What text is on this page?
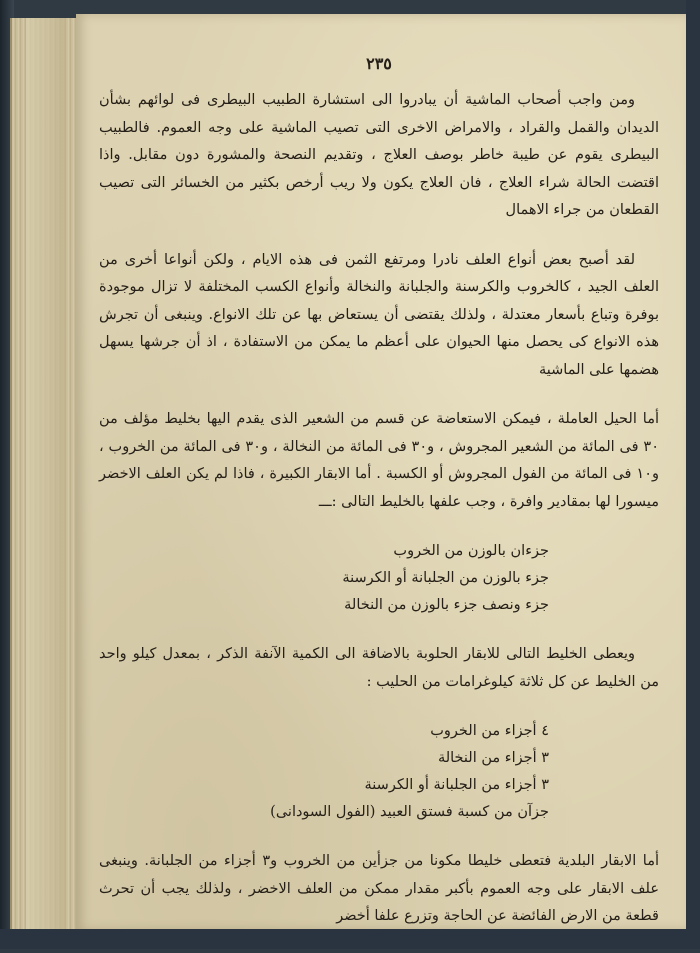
٢٣٥

ومن واجب أصحاب الماشية أن يبادروا الى استشارة الطبيب البيطرى فى لوائهم بشأن الديدان والقمل والقراد ، والامراض الاخرى التى تصيب الماشية على وجه العموم. فالطبيب البيطرى يقوم عن طيبة خاطر بوصف العلاج ، وتقديم النصحة والمشورة دون مقابل. واذا اقتضت الحالة شراء العلاج ، فان العلاج يكون ولا ريب أرخص بكثير من الخسائر التى تصيب القطعان من جراء الاهمال

لقد أصبح بعض أنواع العلف نادرا ومرتفع الثمن فى هذه الايام ، ولكن أنواعا أخرى من العلف الجيد ، كالخروب والكرسنة والجلبانة والنخالة وأنواع الكسب المختلفة لا تزال موجودة بوفرة وتباع بأسعار معتدلة ، ولذلك يقتضى أن يستعاض بها عن تلك الانواع. وينبغى أن تجرش هذه الانواع كى يحصل منها الحيوان على أعظم ما يمكن من الاستفادة ، اذ أن جرشها يسهل هضمها على الماشية

أما الحيل العاملة ، فيمكن الاستعاضة عن قسم من الشعير الذى يقدم اليها بخليط مؤلف من ٣٠ فى المائة من الشعير المجروش ، و٣٠ فى المائة من النخالة ، و٣٠ فى المائة من الخروب ، و١٠ فى المائة من الفول المجروش أو الكسبة . أما الابقار الكبيرة ، فاذا لم يكن العلف الاخضر ميسورا لها بمقادير وافرة ، وجب علفها بالخليط التالى :ـــ

جزءان بالوزن من الخروب
جزء بالوزن من الجلبانة أو الكرسنة
جزء ونصف جزء بالوزن من النخالة

ويعطى الخليط التالى للابقار الحلوبة بالاضافة الى الكمية الآنفة الذكر ، بمعدل كيلو واحد من الخليط عن كل ثلاثة كيلوغرامات من الحليب :

٤ أجزاء من الخروب
٣ أجزاء من النخالة
٣ أجزاء من الجلبانة أو الكرسنة
جزآن من كسبة فستق العبيد (الفول السودانى)

أما الابقار البلدية فتعطى خليطا مكونا من جزأين من الخروب و٣ أجزاء من الجلبانة. وينبغى علف الابقار على وجه العموم بأكبر مقدار ممكن من العلف الاخضر ، ولذلك يجب أن تحرث قطعة من الارض الفائضة عن الحاجة وتزرع علفا أخضر
